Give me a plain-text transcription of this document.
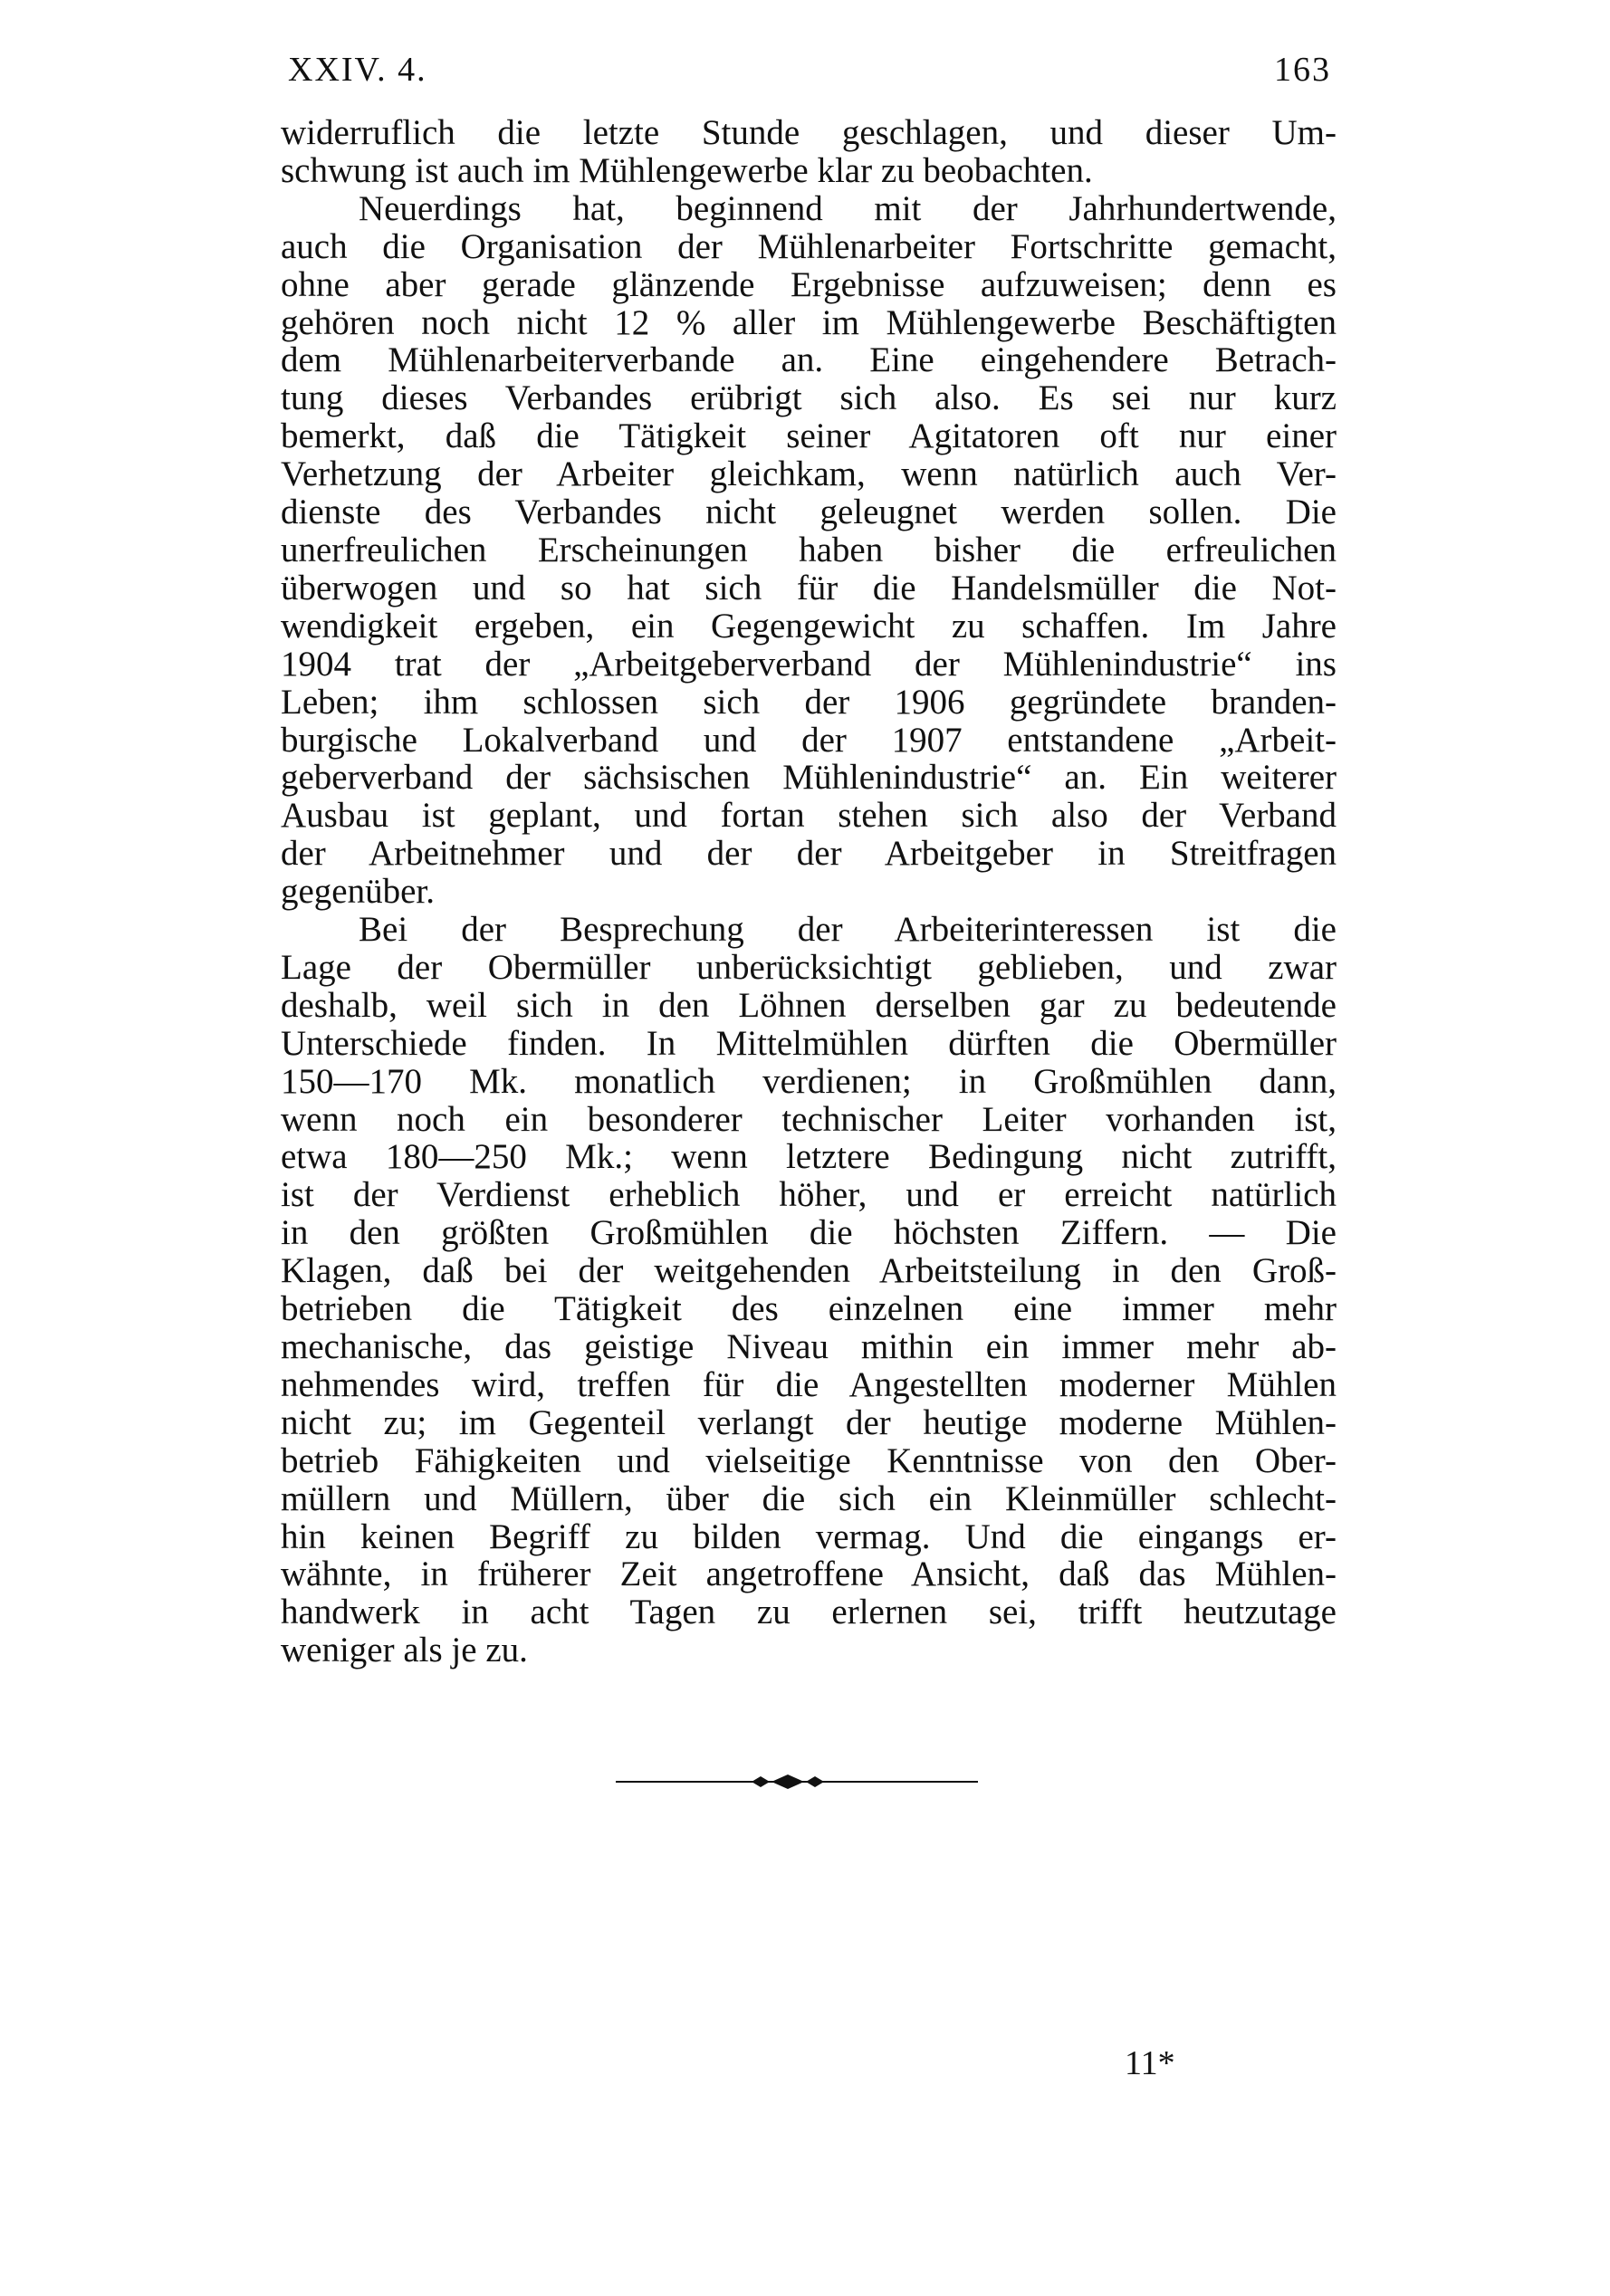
XXIV. 4.	163
widerruflich die letzte Stunde geschlagen, und dieser Um-
schwung ist auch im Mühlengewerbe klar zu beobachten.
Neuerdings hat, beginnend mit der Jahrhundertwende,
auch die Organisation der Mühlenarbeiter Fortschritte gemacht,
ohne aber gerade glänzende Ergebnisse aufzuweisen; denn es
gehören noch nicht 12 % aller im Mühlengewerbe Beschäftigten
dem Mühlenarbeiterverbande an. Eine eingehendere Betrach-
tung dieses Verbandes erübrigt sich also. Es sei nur kurz
bemerkt, daß die Tätigkeit seiner Agitatoren oft nur einer
Verhetzung der Arbeiter gleichkam, wenn natürlich auch Ver-
dienste des Verbandes nicht geleugnet werden sollen. Die
unerfreulichen Erscheinungen haben bisher die erfreulichen
überwogen und so hat sich für die Handelsmüller die Not-
wendigkeit ergeben, ein Gegengewicht zu schaffen. Im Jahre
1904 trat der „Arbeitgeberverband der Mühlenindustrie“ ins
Leben; ihm schlossen sich der 1906 gegründete branden-
burgische Lokalverband und der 1907 entstandene „Arbeit-
geberverband der sächsischen Mühlenindustrie“ an. Ein weiterer
Ausbau ist geplant, und fortan stehen sich also der Verband
der Arbeitnehmer und der der Arbeitgeber in Streitfragen
gegenüber.
Bei der Besprechung der Arbeiterinteressen ist die
Lage der Obermüller unberücksichtigt geblieben, und zwar
deshalb, weil sich in den Löhnen derselben gar zu bedeutende
Unterschiede finden. In Mittelmühlen dürften die Obermüller
150—170 Mk. monatlich verdienen; in Großmühlen dann,
wenn noch ein besonderer technischer Leiter vorhanden ist,
etwa 180—250 Mk.; wenn letztere Bedingung nicht zutrifft,
ist der Verdienst erheblich höher, und er erreicht natürlich
in den größten Großmühlen die höchsten Ziffern. — Die
Klagen, daß bei der weitgehenden Arbeitsteilung in den Groß-
betrieben die Tätigkeit des einzelnen eine immer mehr
mechanische, das geistige Niveau mithin ein immer mehr ab-
nehmendes wird, treffen für die Angestellten moderner Mühlen
nicht zu; im Gegenteil verlangt der heutige moderne Mühlen-
betrieb Fähigkeiten und vielseitige Kenntnisse von den Ober-
müllern und Müllern, über die sich ein Kleinmüller schlecht-
hin keinen Begriff zu bilden vermag. Und die eingangs er-
wähnte, in früherer Zeit angetroffene Ansicht, daß das Mühlen-
handwerk in acht Tagen zu erlernen sei, trifft heutzutage
weniger als je zu.
11*
